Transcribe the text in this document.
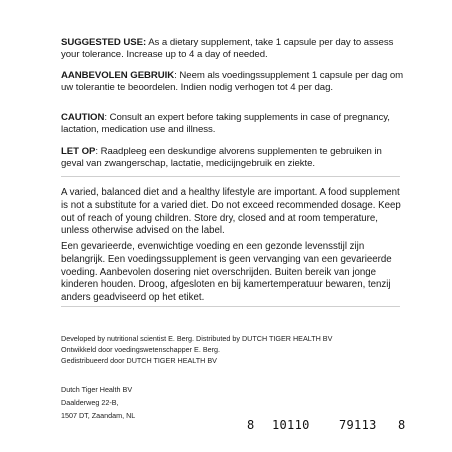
SUGGESTED USE: As a dietary supplement, take 1 capsule per day to assess your tolerance. Increase up to 4 a day of needed.
AANBEVOLEN GEBRUIK: Neem als voedingssupplement 1 capsule per dag om uw tolerantie te beoordelen. Indien nodig verhogen tot 4 per dag.
CAUTION: Consult an expert before taking supplements in case of pregnancy, lactation, medication use and illness.
LET OP: Raadpleeg een deskundige alvorens supplementen te gebruiken in geval van zwangerschap, lactatie, medicijngebruik en ziekte.
A varied, balanced diet and a healthy lifestyle are important. A food supplement is not a substitute for a varied diet. Do not exceed recommended dosage. Keep out of reach of young children. Store dry, closed and at room temperature, unless otherwise advised on the label.
Een gevarieerde, evenwichtige voeding en een gezonde levensstijl zijn belangrijk. Een voedingssupplement is geen vervanging van een gevarieerde voeding. Aanbevolen dosering niet overschrijden. Buiten bereik van jonge kinderen houden. Droog, afgesloten en bij kamertemperatuur bewaren, tenzij anders geadviseerd op het etiket.
Developed by nutritional scientist E. Berg. Distributed by DUTCH TIGER HEALTH BV
Ontwikkeld door voedingswetenschapper E. Berg.
Gedistribueerd door DUTCH TIGER HEALTH BV
Dutch Tiger Health BV
Daalderweg 22-B,
1507 DT, Zaandam, NL
8 10110 79113 8
